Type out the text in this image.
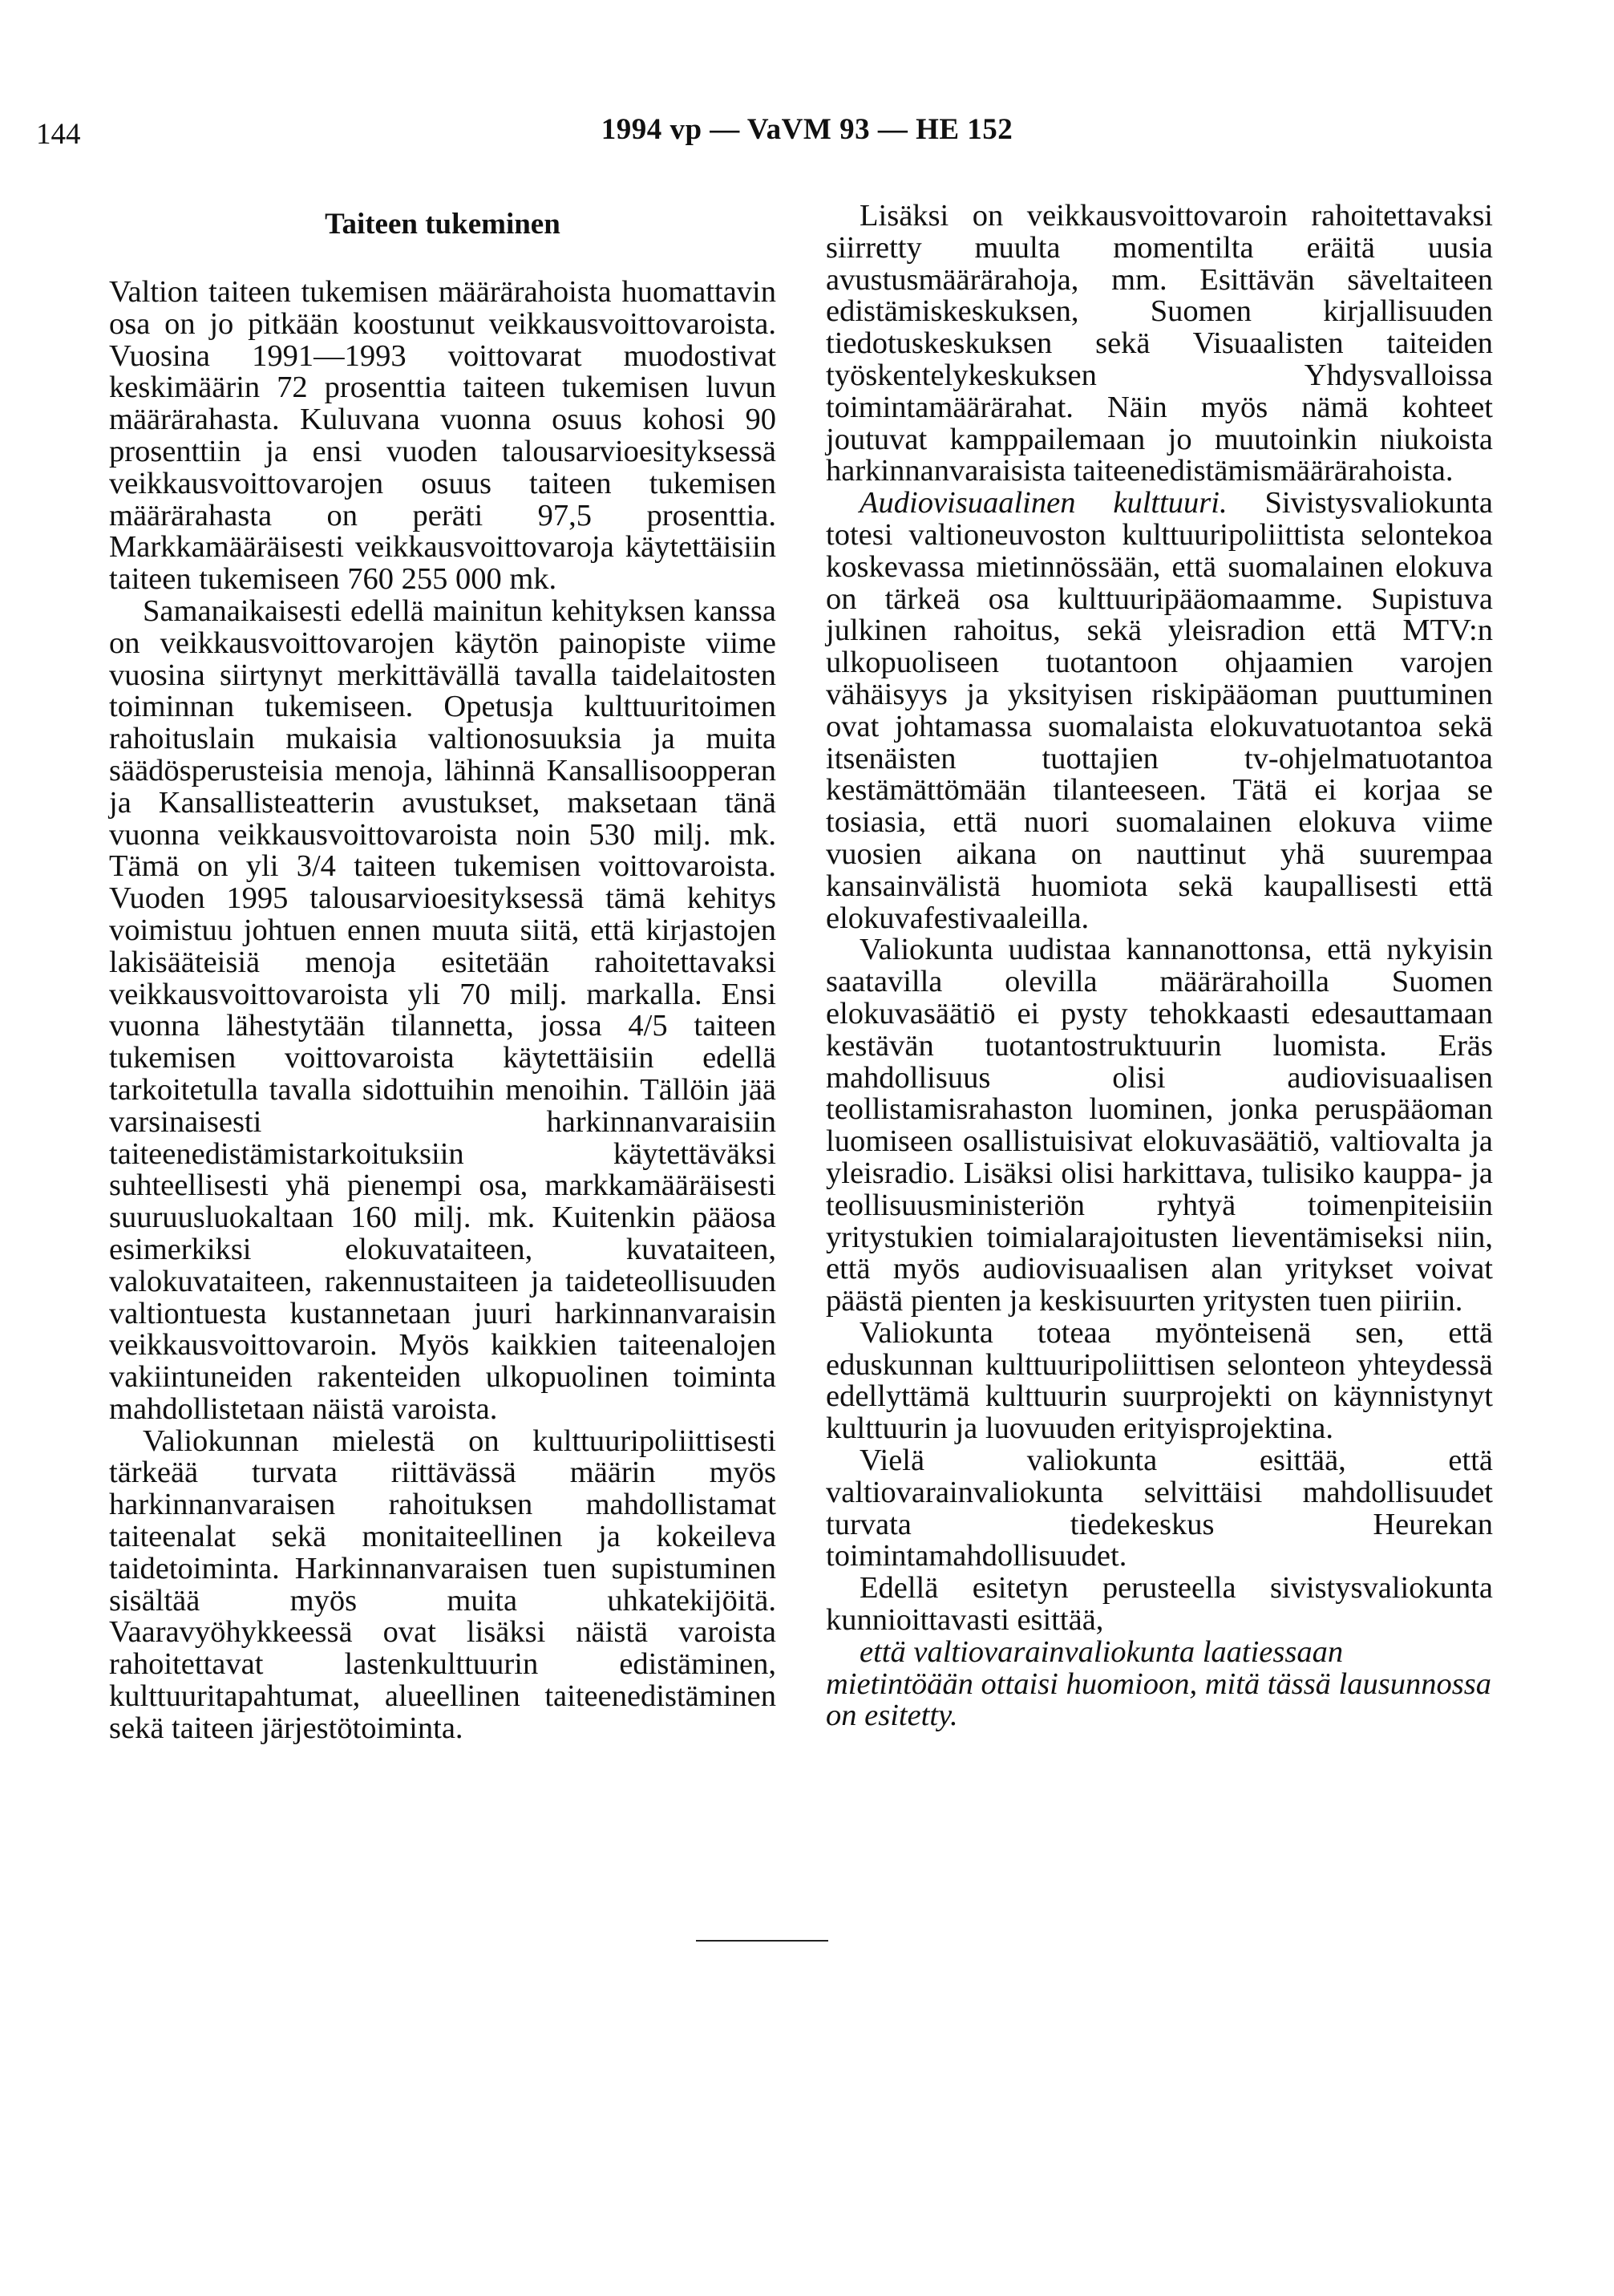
144	1994 vp — VaVM 93 — HE 152
Taiteen tukeminen

Valtion taiteen tukemisen määrärahoista huomattavin osa on jo pitkään koostunut veikkausvoittovaroista. Vuosina 1991—1993 voittovarat muodostivat keskimäärin 72 prosenttia taiteen tukemisen luvun määrärahasta. Kuluvana vuonna osuus kohosi 90 prosenttiin ja ensi vuoden talousarvioesityksessä veikkausvoittovarojen osuus taiteen tukemisen määrärahasta on peräti 97,5 prosenttia. Markkamääräisesti veikkausvoittovaroja käytettäisiin taiteen tukemiseen 760 255 000 mk.

Samanaikaisesti edellä mainitun kehityksen kanssa on veikkausvoittovarojen käytön painopiste viime vuosina siirtynyt merkittävällä tavalla taidelaitosten toiminnan tukemiseen. Opetusja kulttuuritoimen rahoituslain mukaisia valtionosuuksia ja muita säädösperusteisia menoja, lähinnä Kansallisoopperan ja Kansallisteatterin avustukset, maksetaan tänä vuonna veikkausvoittovaroista noin 530 milj. mk. Tämä on yli 3/4 taiteen tukemisen voittovaroista. Vuoden 1995 talousarvioesityksessä tämä kehitys voimistuu johtuen ennen muuta siitä, että kirjastojen lakisääteisiä menoja esitetään rahoitettavaksi veikkausvoittovaroista yli 70 milj. markalla. Ensi vuonna lähestytään tilannetta, jossa 4/5 taiteen tukemisen voittovaroista käytettäisiin edellä tarkoitetulla tavalla sidottuihin menoihin. Tällöin jää varsinaisesti harkinnanvaraisiin taiteenedistämistarkoituksiin käytettäväksi suhteellisesti yhä pienempi osa, markkamääräisesti suuruusluokaltaan 160 milj. mk. Kuitenkin pääosa esimerkiksi elokuvataiteen, kuvataiteen, valokuvataiteen, rakennustaiteen ja taideteollisuuden valtiontuesta kustannetaan juuri harkinnanvaraisin veikkausvoittovaroin. Myös kaikkien taiteenalojen vakiintuneiden rakenteiden ulkopuolinen toiminta mahdollistetaan näistä varoista.

Valiokunnan mielestä on kulttuuripoliittisesti tärkeää turvata riittävässä määrin myös harkinnanvaraisen rahoituksen mahdollistamat taiteenalat sekä monitaiteellinen ja kokeileva taidetoiminta. Harkinnanvaraisen tuen supistuminen sisältää myös muita uhkatekijöitä. Vaaravyöhykkeessä ovat lisäksi näistä varoista rahoitettavat lastenkulttuurin edistäminen, kulttuuritapahtumat, alueellinen taiteenedistäminen sekä taiteen järjestötoiminta.

Lisäksi on veikkausvoittovaroin rahoitettavaksi siirretty muulta momentilta eräitä uusia avustusmäärärahoja, mm. Esittävän säveltaiteen edistämiskeskuksen, Suomen kirjallisuuden tiedotuskeskuksen sekä Visuaalisten taiteiden työskentelykeskuksen Yhdysvalloissa toimintamäärärahat. Näin myös nämä kohteet joutuvat kamppailemaan jo muutoinkin niukoista harkinnanvaraisista taiteenedistämismäärärahoista.

Audiovisuaalinen kulttuuri. Sivistysvaliokunta totesi valtioneuvoston kulttuuripoliittista selontekoa koskevassa mietinnössään, että suomalainen elokuva on tärkeä osa kulttuuripääomaamme. Supistuva julkinen rahoitus, sekä yleisradion että MTV:n ulkopuoliseen tuotantoon ohjaamien varojen vähäisyys ja yksityisen riskipääoman puuttuminen ovat johtamassa suomalaista elokuvatuotantoa sekä itsenäisten tuottajien tv-ohjelmatuotantoa kestämättömään tilanteeseen. Tätä ei korjaa se tosiasia, että nuori suomalainen elokuva viime vuosien aikana on nauttinut yhä suurempaa kansainvälistä huomiota sekä kaupallisesti että elokuvafestivaaleilla.

Valiokunta uudistaa kannanottonsa, että nykyisin saatavilla olevilla määrärahoilla Suomen elokuvasäätiö ei pysty tehokkaasti edesauttamaan kestävän tuotantostruktuurin luomista. Eräs mahdollisuus olisi audiovisuaalisen teollistamisrahaston luominen, jonka peruspääoman luomiseen osallistuisivat elokuvasäätiö, valtiovalta ja yleisradio. Lisäksi olisi harkittava, tulisiko kauppa- ja teollisuusministeriön ryhtyä toimenpiteisiin yritystukien toimialarajoitusten lieventämiseksi niin, että myös audiovisuaalisen alan yritykset voivat päästä pienten ja keskisuurten yritysten tuen piiriin.

Valiokunta toteaa myönteisenä sen, että eduskunnan kulttuuripoliittisen selonteon yhteydessä edellyttämä kulttuurin suurprojekti on käynnistynyt kulttuurin ja luovuuden erityisprojektina.

Vielä valiokunta esittää, että valtiovarainvaliokunta selvittäisi mahdollisuudet turvata tiedekeskus Heurekan toimintamahdollisuudet.

Edellä esitetyn perusteella sivistysvaliokunta kunnioittavasti esittää,

että valtiovarainvaliokunta laatiessaan mietintöään ottaisi huomioon, mitä tässä lausunnossa on esitetty.
